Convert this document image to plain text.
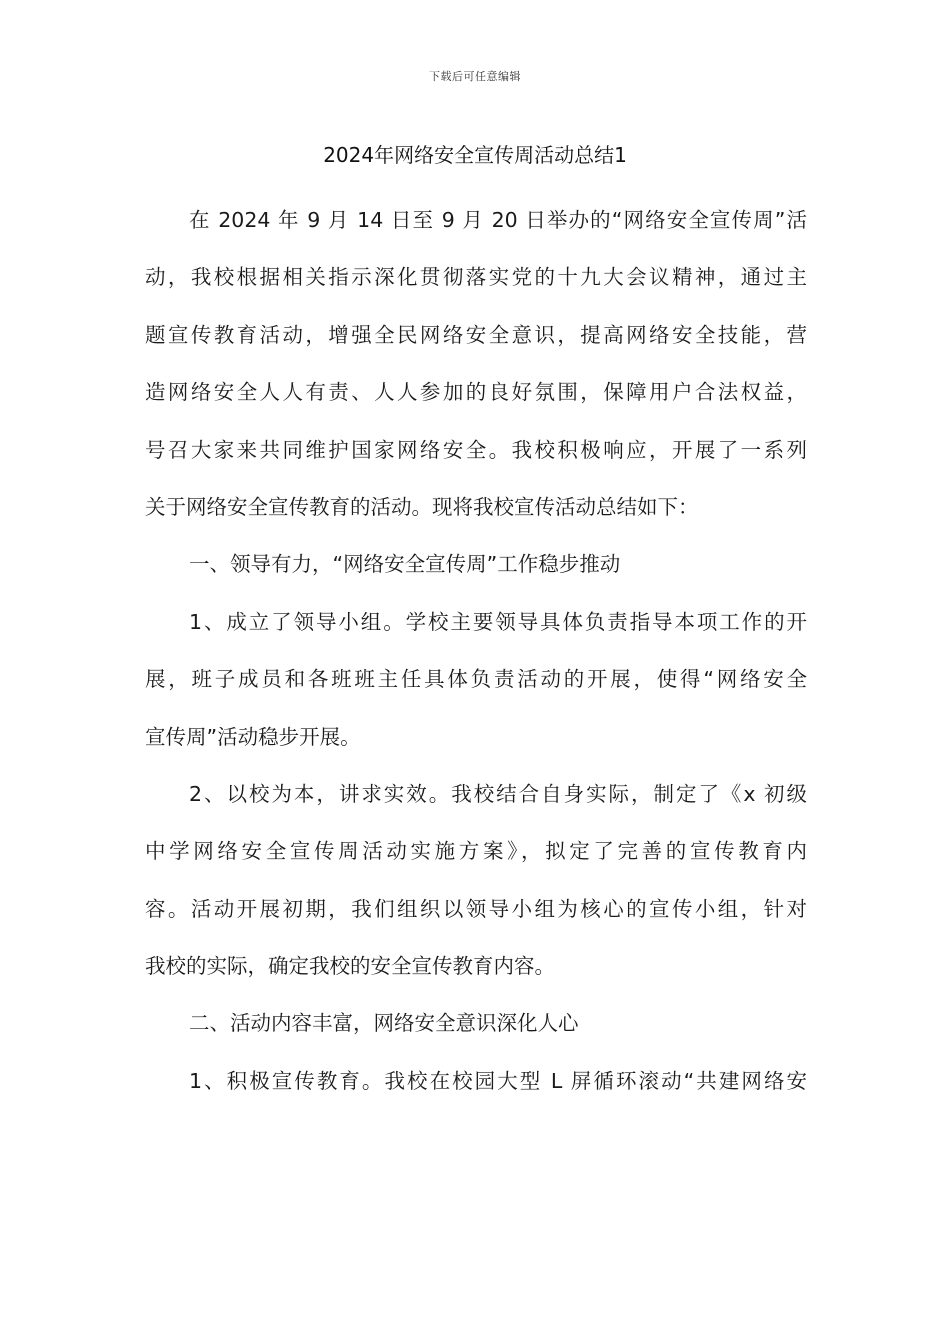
下载后可任意编辑
2024年网络安全宣传周活动总结1
在 2024 年 9 月 14 日至 9 月 20 日举办的“网络安全宣传周”活
动，我校根据相关指示深化贯彻落实党的十九大会议精神，通过主
题宣传教育活动，增强全民网络安全意识，提高网络安全技能，营
造网络安全人人有责、人人参加的良好氛围，保障用户合法权益，
号召大家来共同维护国家网络安全。我校积极响应，开展了一系列
关于网络安全宣传教育的活动。现将我校宣传活动总结如下：
一、领导有力，“网络安全宣传周”工作稳步推动
1、成立了领导小组。学校主要领导具体负责指导本项工作的开
展，班子成员和各班班主任具体负责活动的开展，使得“网络安全
宣传周”活动稳步开展。
2、以校为本，讲求实效。我校结合自身实际，制定了《x 初级
中学网络安全宣传周活动实施方案》，拟定了完善的宣传教育内
容。活动开展初期，我们组织以领导小组为核心的宣传小组，针对
我校的实际，确定我校的安全宣传教育内容。
二、活动内容丰富，网络安全意识深化人心
1、积极宣传教育。我校在校园大型 L 屏循环滚动“共建网络安
